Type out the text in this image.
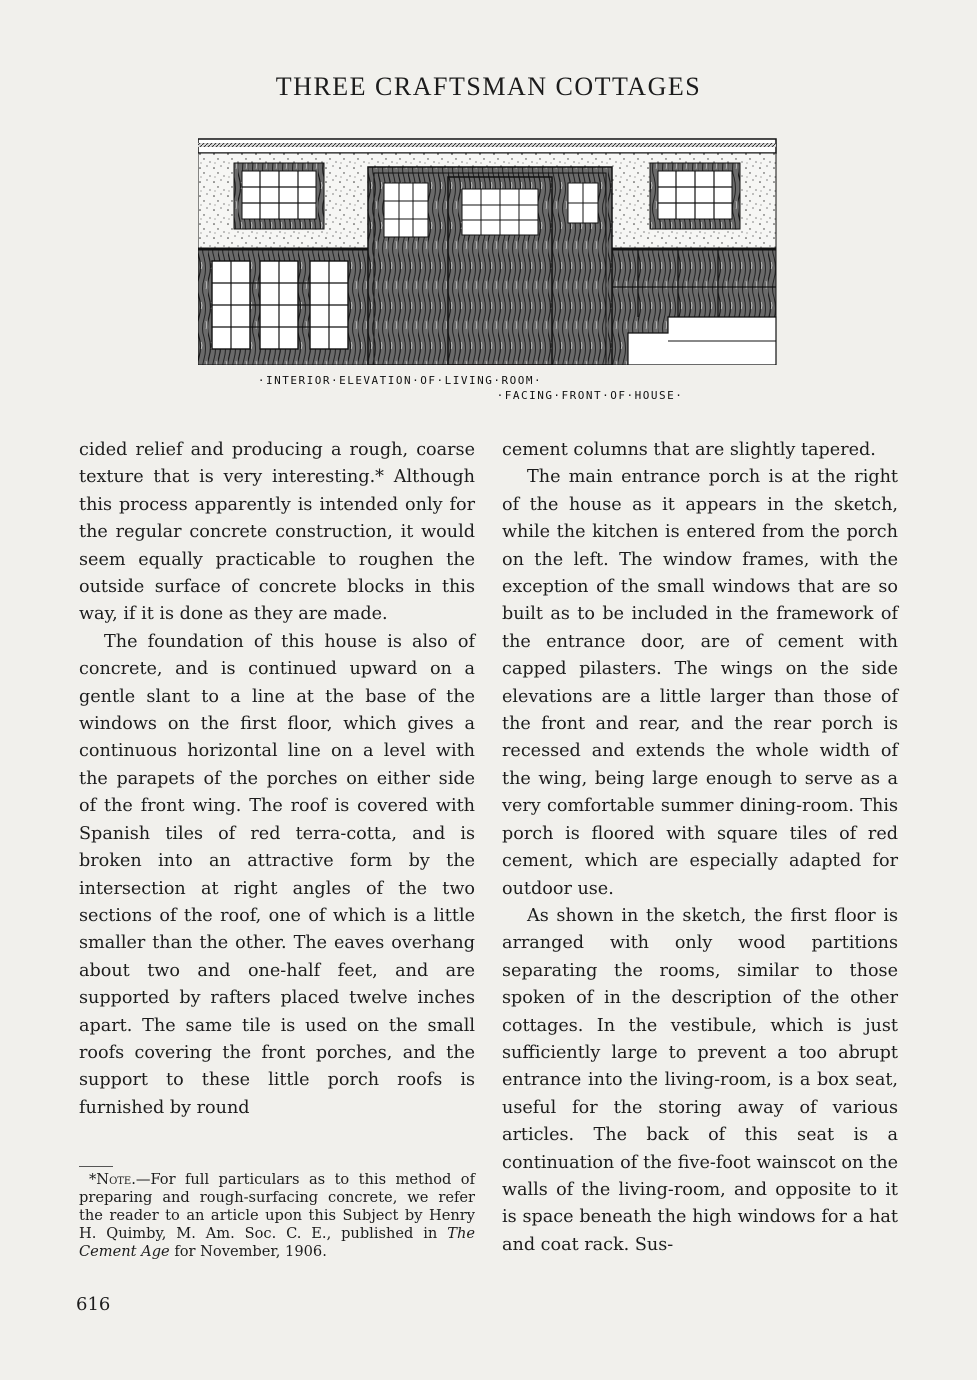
THREE CRAFTSMAN COTTAGES
·INTERIOR·ELEVATION·OF·LIVING·ROOM·
·FACING·FRONT·OF·HOUSE·

cided relief and producing a rough, coarse texture that is very interesting.* Although this process apparently is intended only for the regular concrete construction, it would seem equally practicable to roughen the outside surface of concrete blocks in this way, if it is done as they are made.

The foundation of this house is also of concrete, and is continued upward on a gentle slant to a line at the base of the windows on the first floor, which gives a continuous horizontal line on a level with the parapets of the porches on either side of the front wing. The roof is covered with Spanish tiles of red terra-cotta, and is broken into an attractive form by the intersection at right angles of the two sections of the roof, one of which is a little smaller than the other. The eaves overhang about two and one-half feet, and are supported by rafters placed twelve inches apart. The same tile is used on the small roofs covering the front porches, and the support to these little porch roofs is furnished by round

cement columns that are slightly tapered.

The main entrance porch is at the right of the house as it appears in the sketch, while the kitchen is entered from the porch on the left. The window frames, with the exception of the small windows that are so built as to be included in the framework of the entrance door, are of cement with capped pilasters. The wings on the side elevations are a little larger than those of the front and rear, and the rear porch is recessed and extends the whole width of the wing, being large enough to serve as a very comfortable summer dining-room. This porch is floored with square tiles of red cement, which are especially adapted for outdoor use.

As shown in the sketch, the first floor is arranged with only wood partitions separating the rooms, similar to those spoken of in the description of the other cottages. In the vestibule, which is just sufficiently large to prevent a too abrupt entrance into the living-room, is a box seat, useful for the storing away of various articles. The back of this seat is a continuation of the five-foot wainscot on the walls of the living-room, and opposite to it is space beneath the high windows for a hat and coat rack. Sus-

*Note.—For full particulars as to this method of preparing and rough-surfacing concrete, we refer the reader to an article upon this Subject by Henry H. Quimby, M. Am. Soc. C. E., published in The Cement Age for November, 1906.
616
